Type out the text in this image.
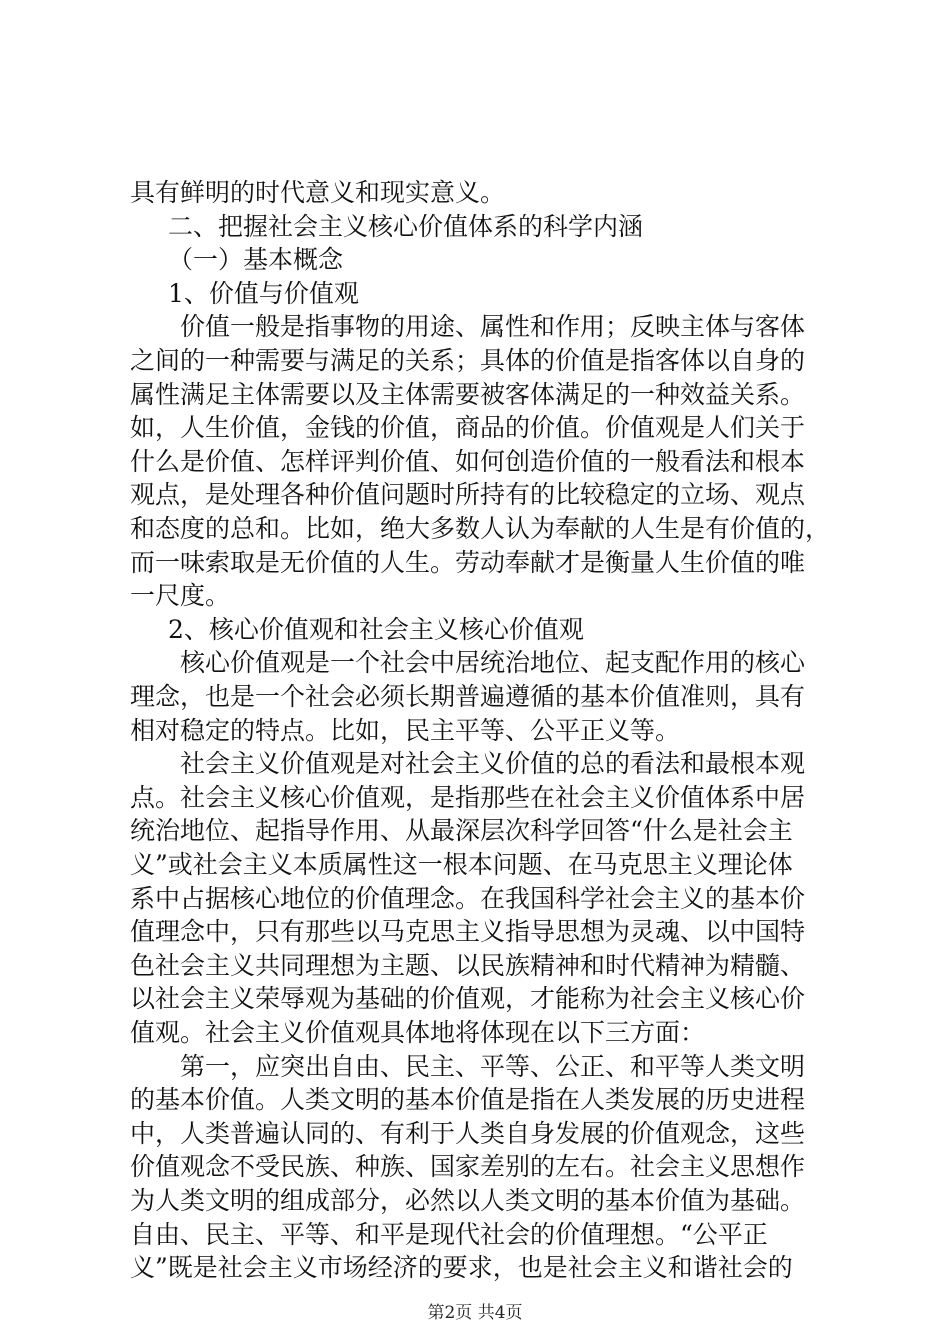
具有鲜明的时代意义和现实意义。
二、把握社会主义核心价值体系的科学内涵
（一）基本概念
1、价值与价值观
价值一般是指事物的用途、属性和作用；反映主体与客体
之间的一种需要与满足的关系；具体的价值是指客体以自身的
属性满足主体需要以及主体需要被客体满足的一种效益关系。
如，人生价值，金钱的价值，商品的价值。价值观是人们关于
什么是价值、怎样评判价值、如何创造价值的一般看法和根本
观点，是处理各种价值问题时所持有的比较稳定的立场、观点
和态度的总和。比如，绝大多数人认为奉献的人生是有价值的，
而一味索取是无价值的人生。劳动奉献才是衡量人生价值的唯
一尺度。
2、核心价值观和社会主义核心价值观
核心价值观是一个社会中居统治地位、起支配作用的核心
理念，也是一个社会必须长期普遍遵循的基本价值准则，具有
相对稳定的特点。比如，民主平等、公平正义等。
社会主义价值观是对社会主义价值的总的看法和最根本观
点。社会主义核心价值观，是指那些在社会主义价值体系中居
统治地位、起指导作用、从最深层次科学回答“什么是社会主
义”或社会主义本质属性这一根本问题、在马克思主义理论体
系中占据核心地位的价值理念。在我国科学社会主义的基本价
值理念中，只有那些以马克思主义指导思想为灵魂、以中国特
色社会主义共同理想为主题、以民族精神和时代精神为精髓、
以社会主义荣辱观为基础的价值观，才能称为社会主义核心价
值观。社会主义价值观具体地将体现在以下三方面：
第一，应突出自由、民主、平等、公正、和平等人类文明
的基本价值。人类文明的基本价值是指在人类发展的历史进程
中，人类普遍认同的、有利于人类自身发展的价值观念，这些
价值观念不受民族、种族、国家差别的左右。社会主义思想作
为人类文明的组成部分，必然以人类文明的基本价值为基础。
自由、民主、平等、和平是现代社会的价值理想。“公平正
义”既是社会主义市场经济的要求，也是社会主义和谐社会的
第2页 共4页
